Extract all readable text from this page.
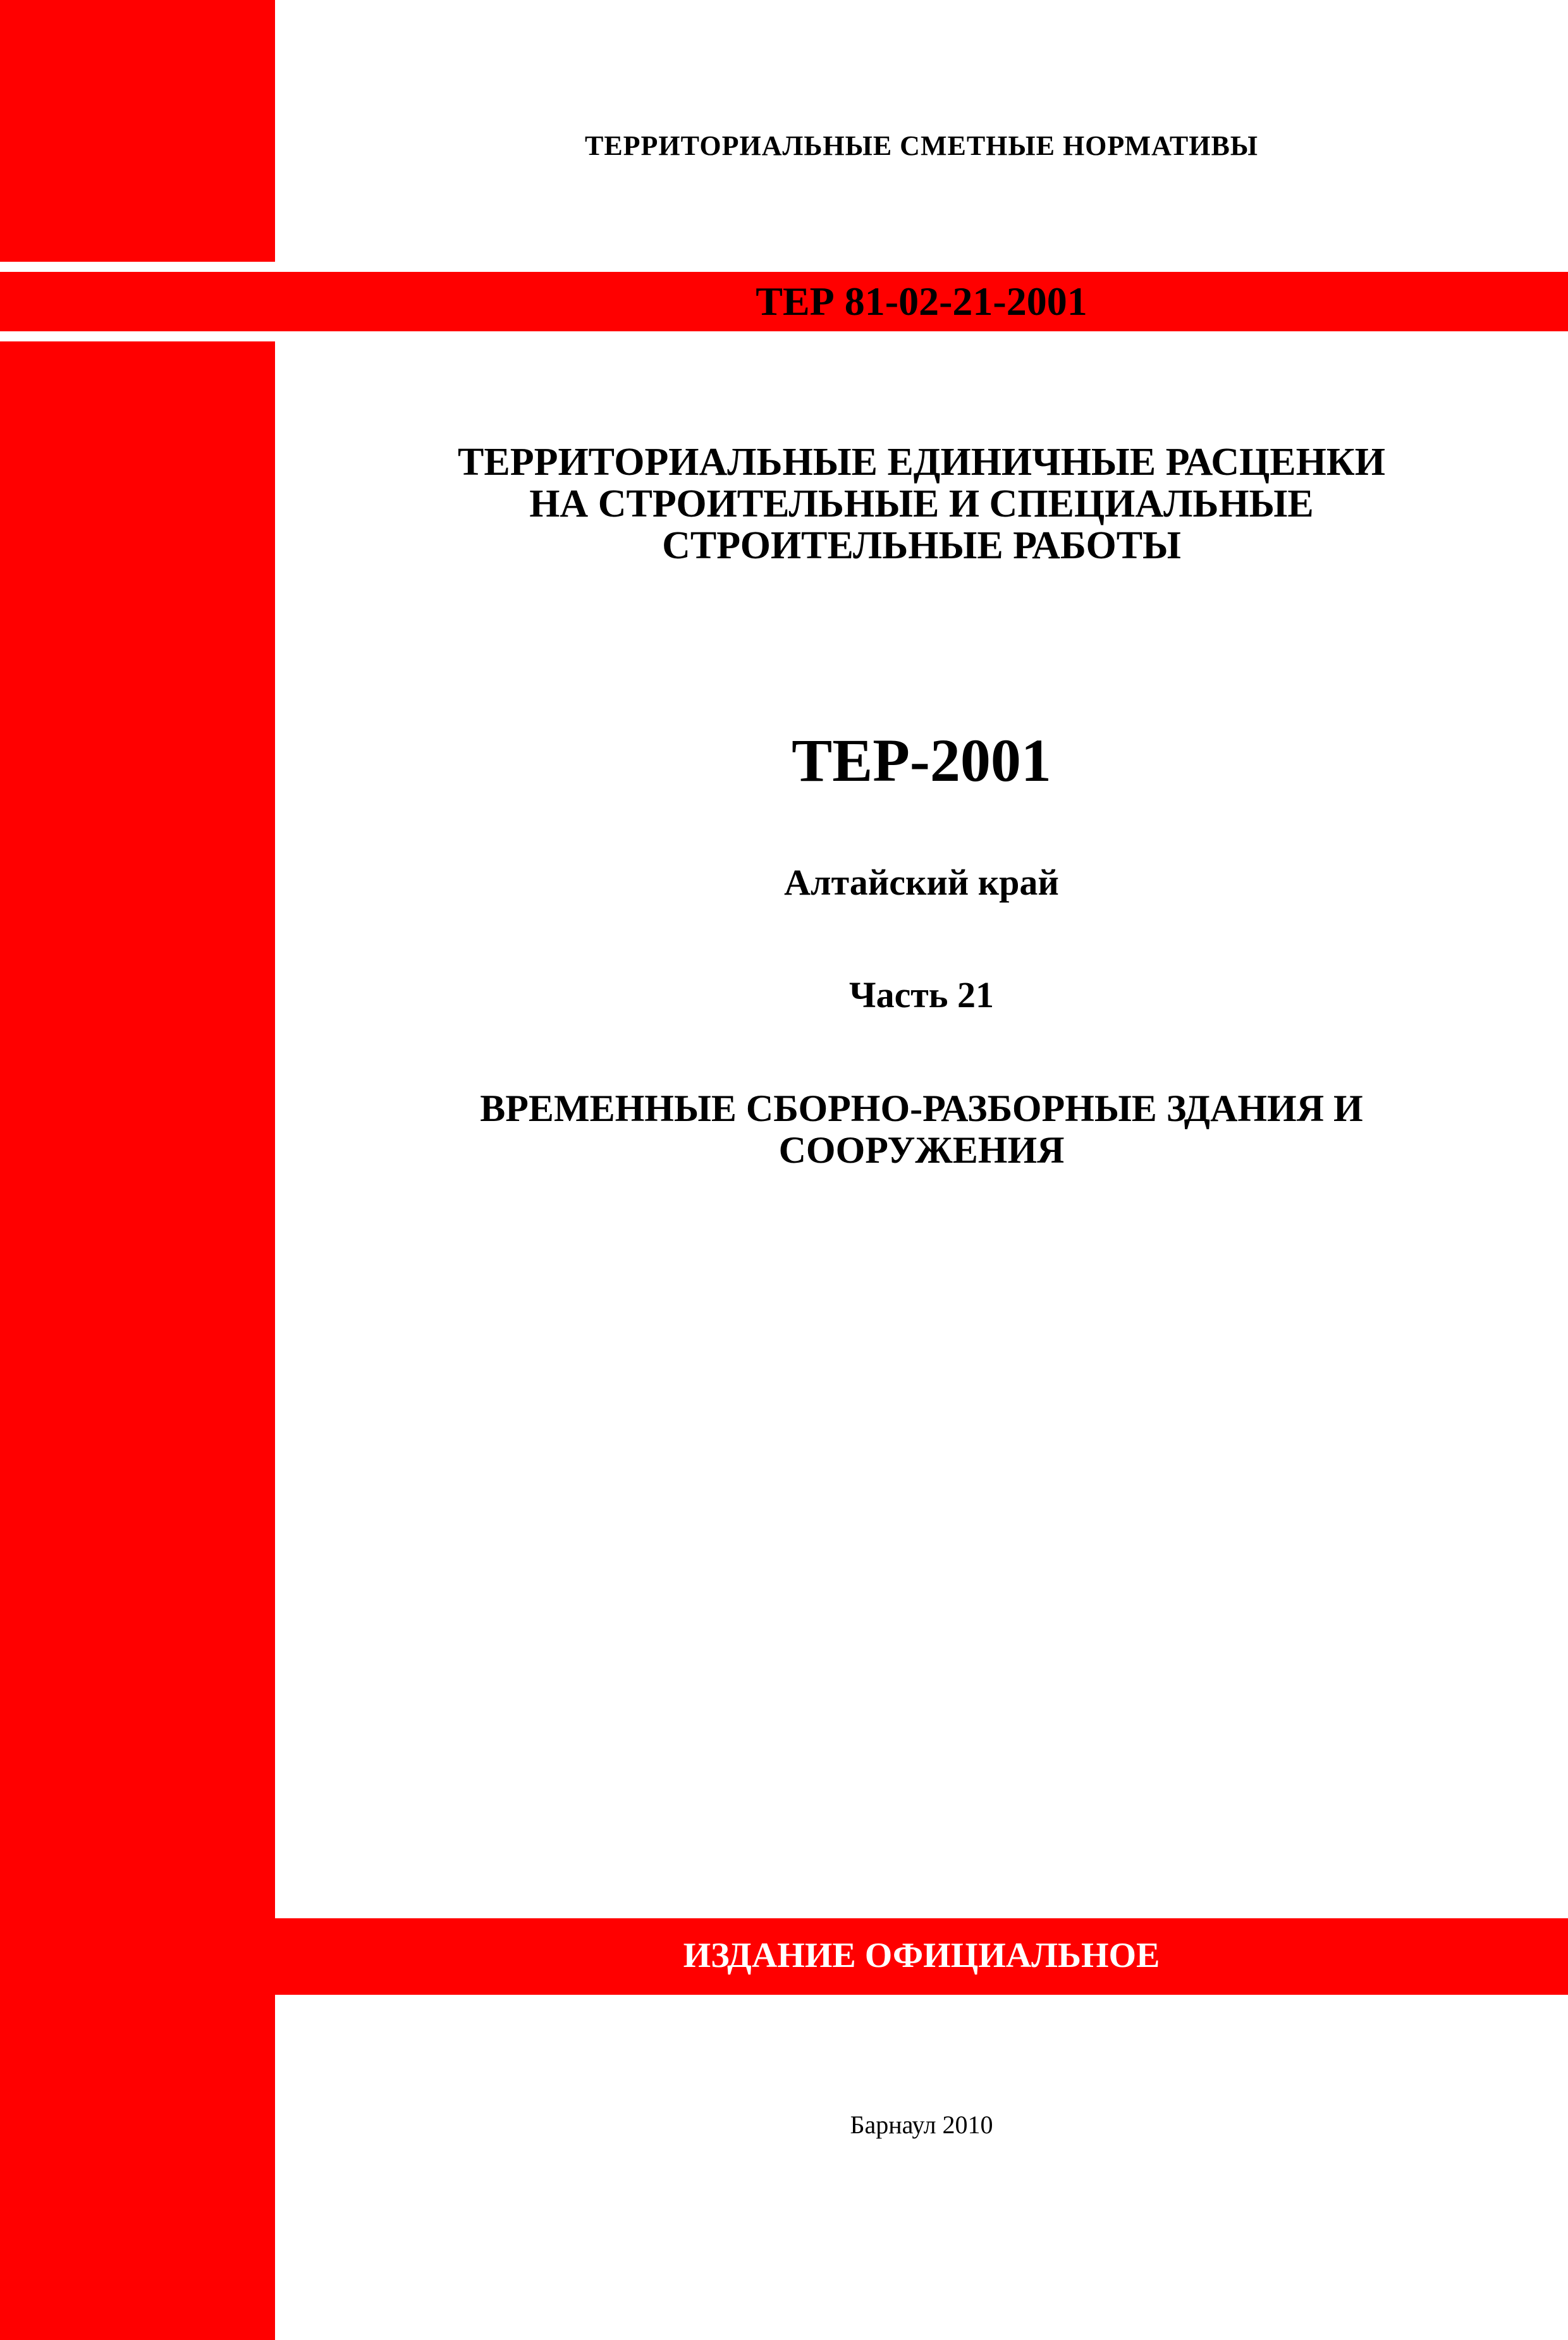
ТЕРРИТОРИАЛЬНЫЕ СМЕТНЫЕ НОРМАТИВЫ
ТЕР 81-02-21-2001
ТЕРРИТОРИАЛЬНЫЕ ЕДИНИЧНЫЕ РАСЦЕНКИ
НА СТРОИТЕЛЬНЫЕ И СПЕЦИАЛЬНЫЕ
СТРОИТЕЛЬНЫЕ РАБОТЫ
ТЕР-2001
Алтайский край
Часть 21
ВРЕМЕННЫЕ СБОРНО-РАЗБОРНЫЕ ЗДАНИЯ И
СООРУЖЕНИЯ
ИЗДАНИЕ ОФИЦИАЛЬНОЕ
Барнаул 2010
